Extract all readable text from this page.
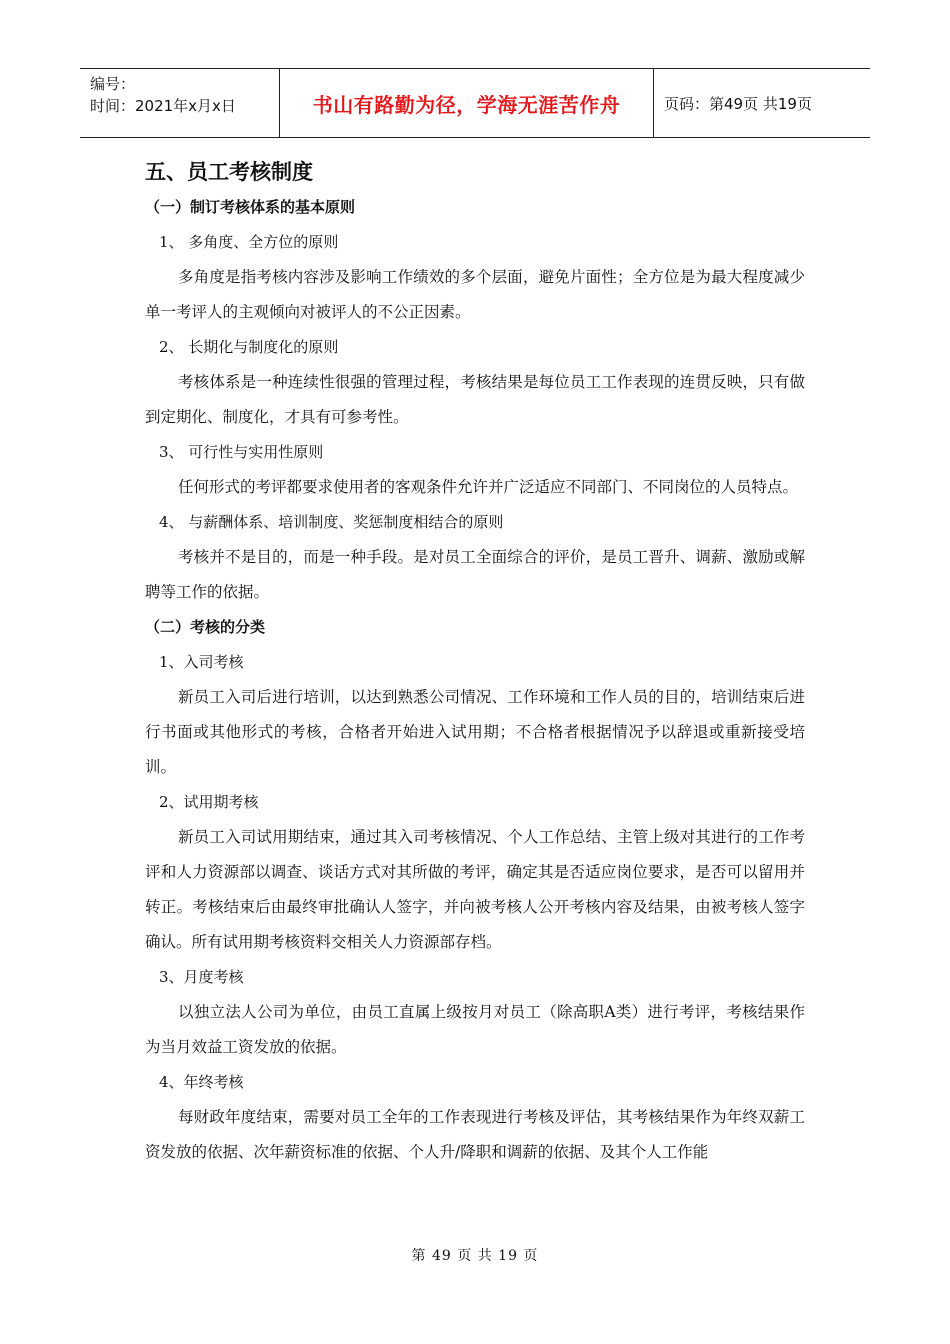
编号：
时间：2021年x月x日	书山有路勤为径，学海无涯苦作舟	页码：第49页 共19页
五、员工考核制度
（一）制订考核体系的基本原则
1、 多角度、全方位的原则

多角度是指考核内容涉及影响工作绩效的多个层面，避免片面性；全方位是为最大程度减少单一考评人的主观倾向对被评人的不公正因素。

2、 长期化与制度化的原则

考核体系是一种连续性很强的管理过程，考核结果是每位员工工作表现的连贯反映，只有做到定期化、制度化，才具有可参考性。

3、 可行性与实用性原则

任何形式的考评都要求使用者的客观条件允许并广泛适应不同部门、不同岗位的人员特点。

4、 与薪酬体系、培训制度、奖惩制度相结合的原则

考核并不是目的，而是一种手段。是对员工全面综合的评价，是员工晋升、调薪、激励或解聘等工作的依据。

（二）考核的分类
1、入司考核

新员工入司后进行培训，以达到熟悉公司情况、工作环境和工作人员的目的，培训结束后进行书面或其他形式的考核，合格者开始进入试用期；不合格者根据情况予以辞退或重新接受培训。

2、试用期考核

新员工入司试用期结束，通过其入司考核情况、个人工作总结、主管上级对其进行的工作考评和人力资源部以调查、谈话方式对其所做的考评，确定其是否适应岗位要求，是否可以留用并转正。考核结束后由最终审批确认人签字，并向被考核人公开考核内容及结果，由被考核人签字确认。所有试用期考核资料交相关人力资源部存档。

3、月度考核

以独立法人公司为单位，由员工直属上级按月对员工（除高职A类）进行考评，考核结果作为当月效益工资发放的依据。

4、年终考核

每财政年度结束，需要对员工全年的工作表现进行考核及评估，其考核结果作为年终双薪工资发放的依据、次年薪资标准的依据、个人升/降职和调薪的依据、及其个人工作能

第 49 页 共 19 页
